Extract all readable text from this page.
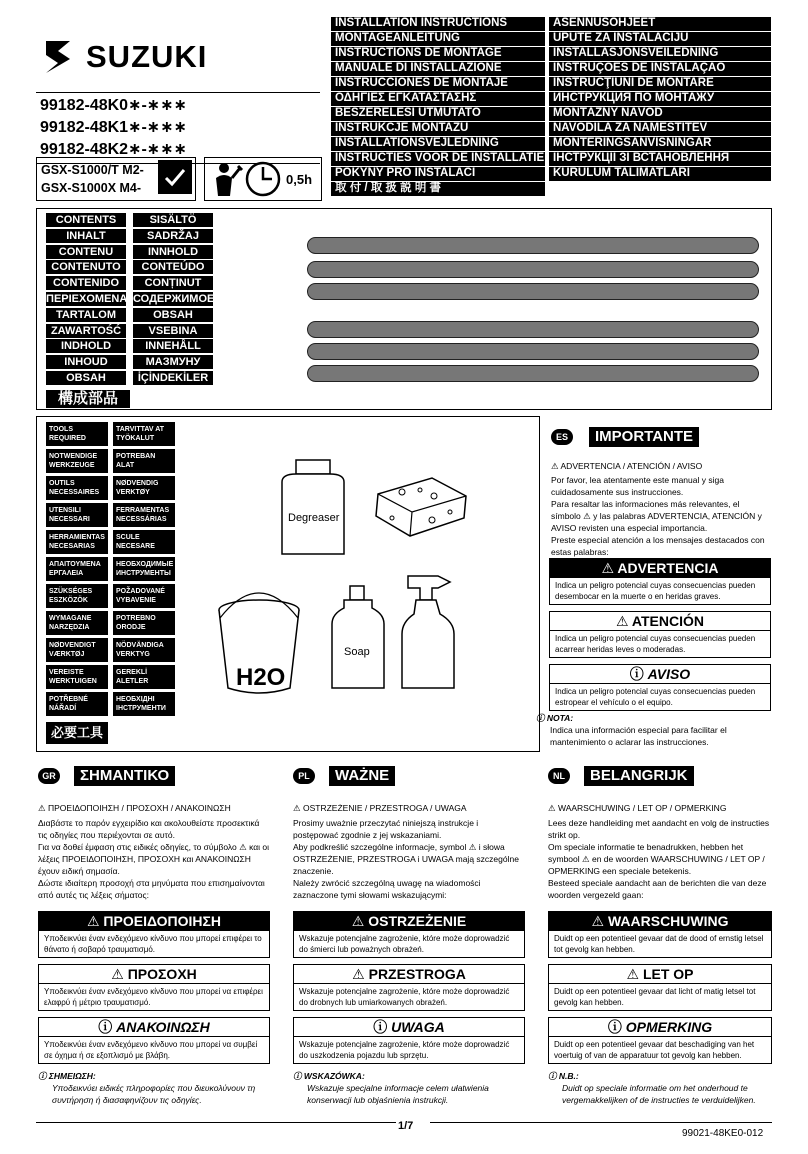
SUZUKI
99182-48K0∗-∗∗∗
99182-48K1∗-∗∗∗
99182-48K2∗-∗∗∗
GSX-S1000/T M2-
GSX-S1000X M4-
0,5h
INSTALLATION INSTRUCTIONS
MONTAGEANLEITUNG
INSTRUCTIONS DE MONTAGE
MANUALE DI INSTALLAZIONE
INSTRUCCIONES DE MONTAJE
ΟΔΗΓΙΕΣ ΕΓΚΑΤΑΣΤΑΣΗΣ
BESZERELÉSI ÚTMUTATÓ
INSTRUKCJE MONTAŻU
INSTALLATIONSVEJLEDNING
INSTRUCTIES VOOR DE INSTALLATIE
POKYNY PRO INSTALACI
取 付 / 取 扱 説 明 書
ASENNUSOHJEET
UPUTE ZA INSTALACIJU
INSTALLASJONSVEILEDNING
INSTRUÇÕES DE INSTALAÇÃO
INSTRUCŢIUNI DE MONTARE
ИНСТРУКЦИЯ ПО МОНТАЖУ
MONTÁŽNY NÁVOD
NAVODILA ZA NAMESTITEV
MONTERINGSANVISNINGAR
ІНСТРУКЦІЇ ЗІ ВСТАНОВЛЕННЯ
KURULUM TALİMATLARI
CONTENTS
INHALT
CONTENU
CONTENUTO
CONTENIDO
ΠΕΡΙΕΧΟΜΕΝΑ
TARTALOM
ZAWARTOŚĆ
INDHOLD
INHOUD
OBSAH
SISÄLTÖ
SADRŽAJ
INNHOLD
CONTEÚDO
CONȚINUT
СОДЕРЖИМОЕ
OBSAH
VSEBINA
INNEHÅLL
МАЗМУНУ
İÇİNDEKİLER
構成部品
TOOLS REQUIRED
NOTWENDIGE WERKZEUGE
OUTILS NECESSAIRES
UTENSILI NECESSARI
HERRAMIENTAS NECESARIAS
ΑΠΑΙΤΟΥΜΕΝΑ ΕΡΓΑΛΕΙΑ
SZÜKSÉGES ESZKÖZÖK
WYMAGANE NARZĘDZIA
NØDVENDIGT VÆRKTØJ
VEREISTE WERKTUIGEN
POTŘEBNÉ NÁŘADÍ
TARVITTAV AT TYÖKALUT
POTREBAN ALAT
NØDVENDIG VERKTØY
FERRAMENTAS NECESSÁRIAS
SCULE NECESARE
НЕОБХОДИМЫЕ ИНСТРУМЕНТЫ
POŽADOVANÉ VYBAVENIE
POTREBNO ORODJE
NÖDVÄNDIGA VERKTYG
GEREKLİ ALETLER
НЕОБХІДНІ ІНСТРУМЕНТИ
必要工具
Degreaser
H2O
Soap
ES	IMPORTANTE
⚠ ADVERTENCIA / ATENCIÓN / AVISO
Por favor, lea atentamente este manual y siga cuidadosamente sus instrucciones.
Para resaltar las informaciones más relevantes, el símbolo ⚠ y las palabras ADVERTENCIA, ATENCIÓN y AVISO revisten una especial importancia.
Preste especial atención a los mensajes destacados con estas palabras:
⚠ ADVERTENCIA
Indica un peligro potencial cuyas consecuencias pueden desembocar en la muerte o en heridas graves.
⚠ ATENCIÓN
Indica un peligro potencial cuyas consecuencias pueden acarrear heridas leves o moderadas.
ⓘ AVISO
Indica un peligro potencial cuyas consecuencias pueden estropear el vehículo o el equipo.
ⓘ NOTA:
Indica una información especial para facilitar el mantenimiento o aclarar las instrucciones.
GR	ΣΗΜΑΝΤΙΚΟ
⚠ ΠΡΟΕΙΔΟΠΟΙΗΣΗ / ΠΡΟΣΟΧΗ / ΑΝΑΚΟΙΝΩΣΗ
Διαβάστε το παρόν εγχειρίδιο και ακολουθείστε προσεκτικά τις οδηγίες που περιέχονται σε αυτό.
Για να δοθεί έμφαση στις ειδικές οδηγίες, το σύμβολο ⚠ και οι λέξεις ΠΡΟΕΙΔΟΠΟΙΗΣΗ, ΠΡΟΣΟΧΗ και ΑΝΑΚΟΙΝΩΣΗ έχουν ειδική σημασία.
Δώστε ιδιαίτερη προσοχή στα μηνύματα που επισημαίνονται από αυτές τις λέξεις σήματος:
⚠ ΠΡΟΕΙΔΟΠΟΙΗΣΗ
Υποδεικνύει έναν ενδεχόμενο κίνδυνο που μπορεί επιφέρει το θάνατο ή σοβαρό τραυματισμό.
⚠ ΠΡΟΣΟΧΗ
Υποδεικνύει έναν ενδεχόμενο κίνδυνο που μπορεί να επιφέρει ελαφρύ ή μέτριο τραυματισμό.
ⓘ ΑΝΑΚΟΙΝΩΣΗ
Υποδεικνύει έναν ενδεχόμενο κίνδυνο που μπορεί να συμβεί σε όχημα ή σε εξοπλισμό με βλάβη.
ⓘ ΣΗΜΕΙΩΣΗ:
Υποδεικνύει ειδικές πληροφορίες που διευκολύνουν τη συντήρηση ή διασαφηνίζουν τις οδηγίες.
PL	WAŻNE
⚠ OSTRZEŻENIE / PRZESTROGA / UWAGA
Prosimy uważnie przeczytać niniejszą instrukcje i postępować zgodnie z jej wskazaniami.
Aby podkreślić szczególne informacje, symbol ⚠ i słowa OSTRZEŻENIE, PRZESTROGA i UWAGA mają szczególne znaczenie.
Należy zwrócić szczególną uwagę na wiadomości zaznaczone tymi słowami wskazującymi:
⚠ OSTRZEŻENIE
Wskazuje potencjalne zagrożenie, które może doprowadzić do śmierci lub poważnych obrażeń.
⚠ PRZESTROGA
Wskazuje potencjalne zagrożenie, które może doprowadzić do drobnych lub umiarkowanych obrażeń.
ⓘ UWAGA
Wskazuje potencjalne zagrożenie, które może doprowadzić do uszkodzenia pojazdu lub sprzętu.
ⓘ WSKAZÓWKA:
Wskazuje specjalne informacje celem ułatwienia konserwacji lub objaśnienia instrukcji.
NL	BELANGRIJK
⚠ WAARSCHUWING / LET OP / OPMERKING
Lees deze handleiding met aandacht en volg de instructies strikt op.
Om speciale informatie te benadrukken, hebben het symbool ⚠ en de woorden WAARSCHUWING / LET OP / OPMERKING een speciale betekenis.
Besteed speciale aandacht aan de berichten die van deze woorden vergezeld gaan:
⚠ WAARSCHUWING
Duidt op een potentieel gevaar dat de dood of ernstig letsel tot gevolg kan hebben.
⚠ LET OP
Duidt op een potentieel gevaar dat licht of matig letsel tot gevolg kan hebben.
ⓘ OPMERKING
Duidt op een potentieel gevaar dat beschadiging van het voertuig of van de apparatuur tot gevolg kan hebben.
ⓘ N.B.:
Duidt op speciale informatie om het onderhoud te vergemakkelijken of de instructies te verduidelijken.
1/7
99021-48KE0-012
